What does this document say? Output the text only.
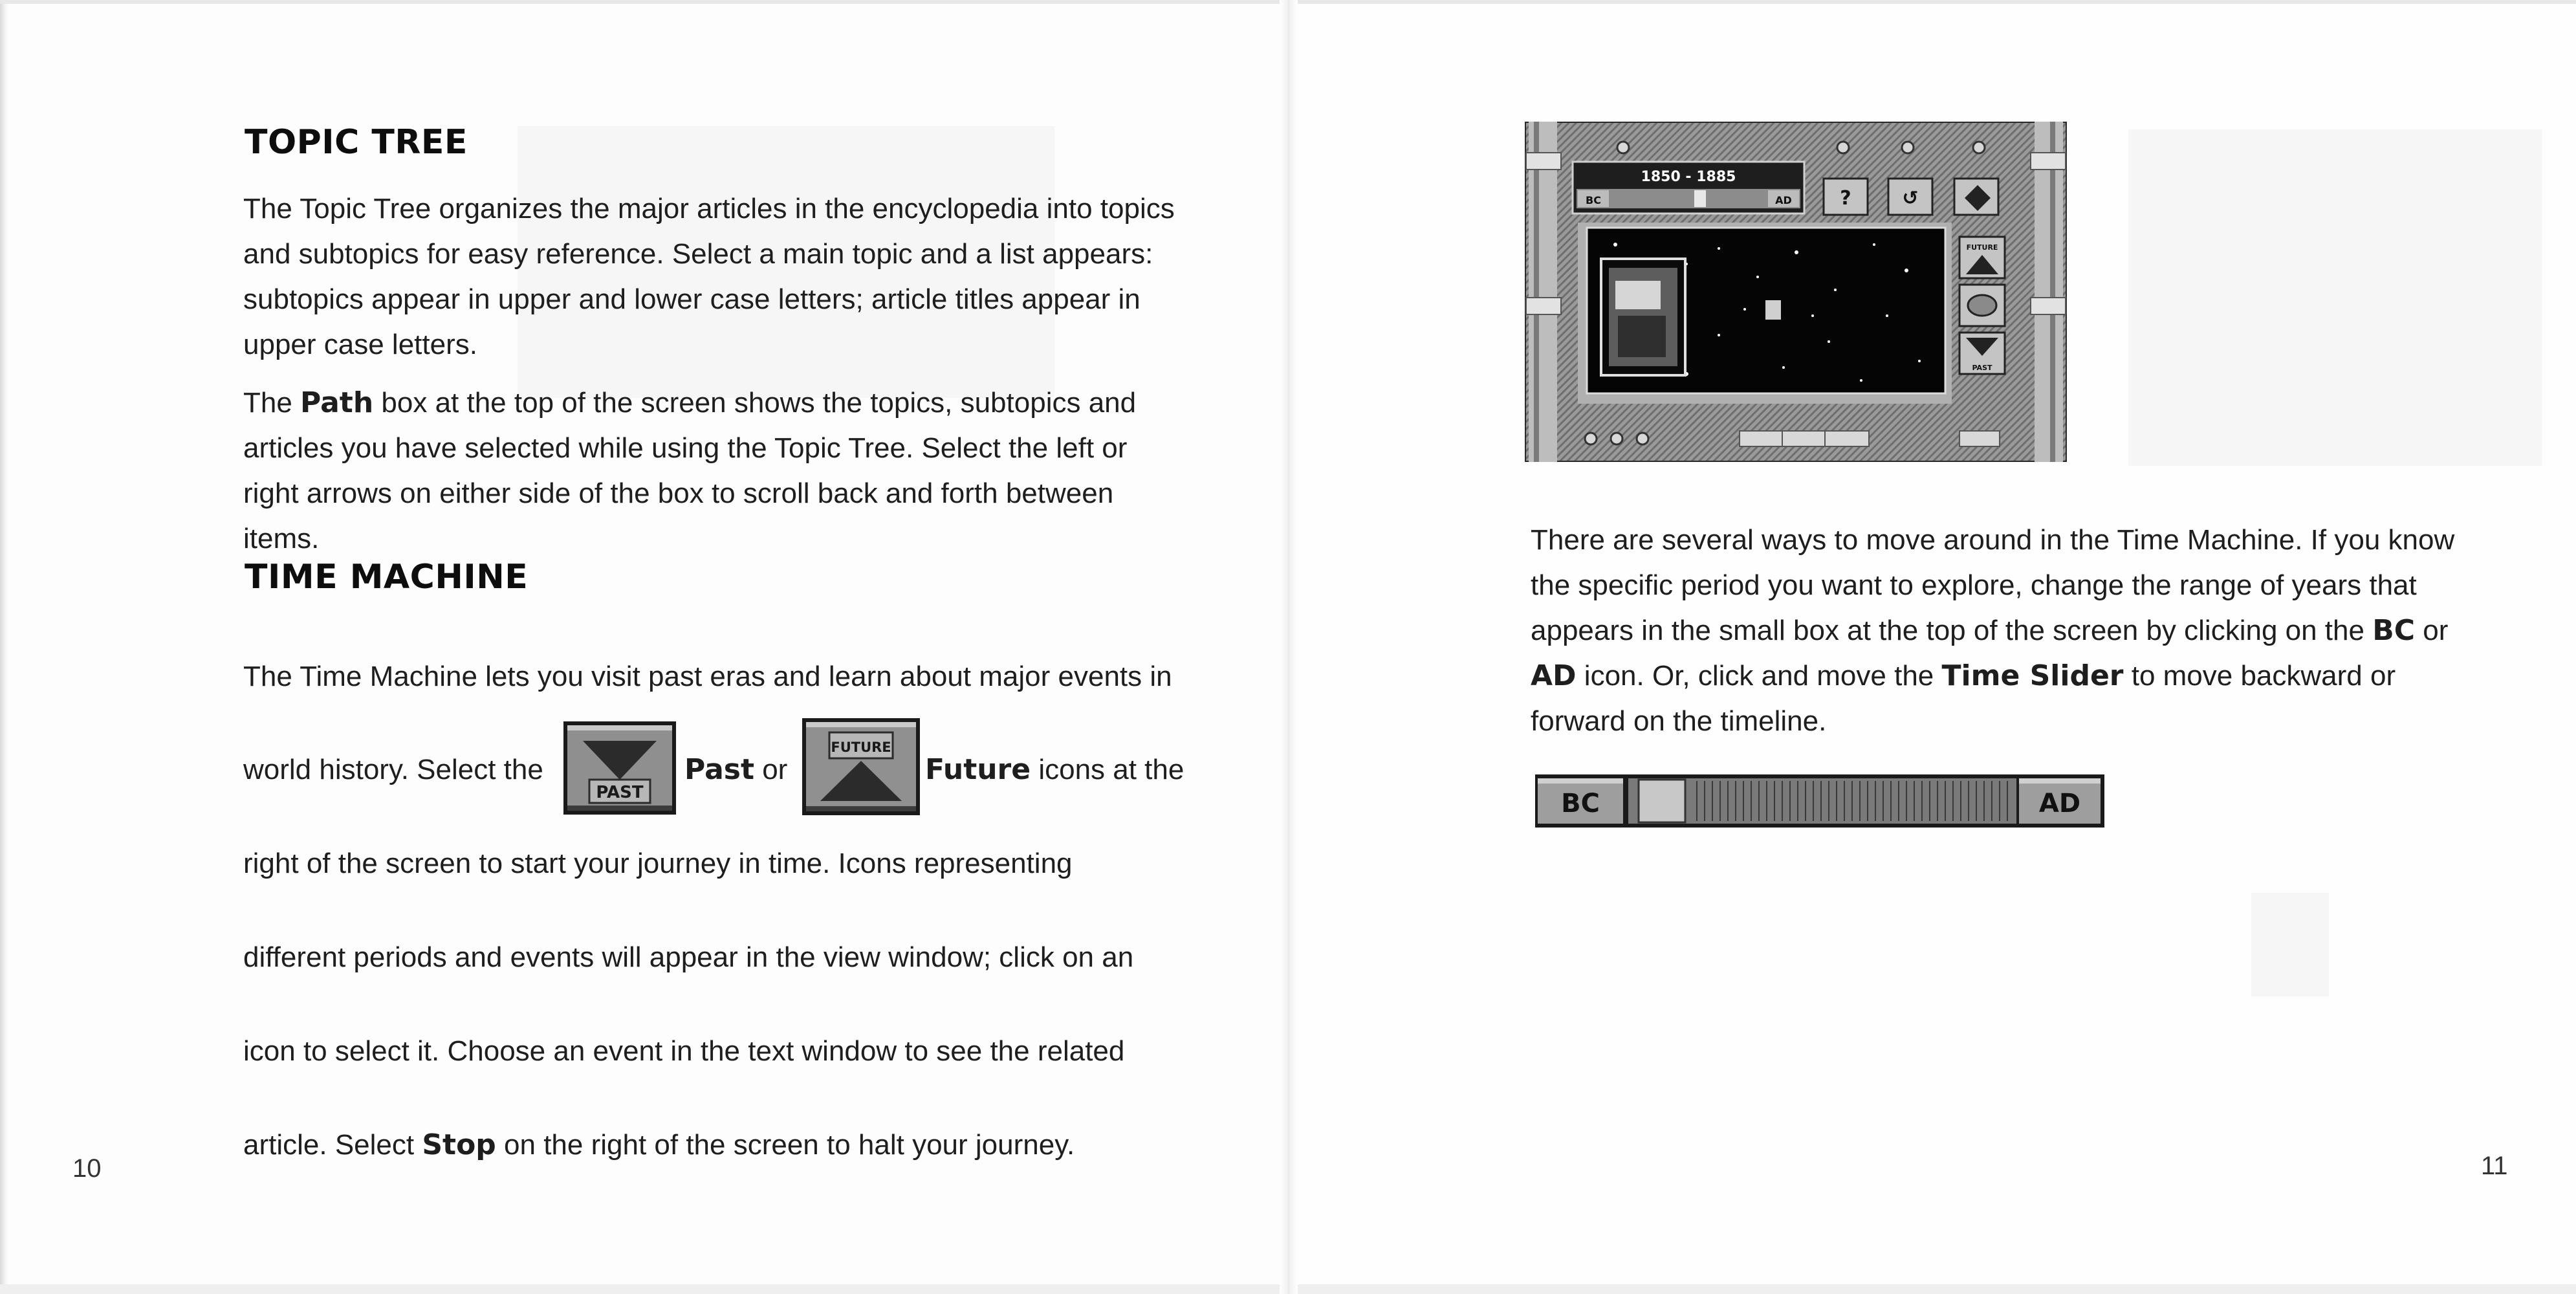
TOPIC TREE

The Topic Tree organizes the major articles in the encyclopedia into topics and subtopics for easy reference. Select a main topic and a list appears: subtopics appear in upper and lower case letters; article titles appear in upper case letters.

The Path box at the top of the screen shows the topics, subtopics and articles you have selected while using the Topic Tree. Select the left or right arrows on either side of the box to scroll back and forth between items.

TIME MACHINE
The Time Machine lets you visit past eras and learn about major events in
world history. Select the
PAST
Past or
FUTURE
Future icons at the
right of the screen to start your journey in time. Icons representing
different periods and events will appear in the view window; click on an
icon to select it. Choose an event in the text window to see the related
article. Select Stop on the right of the screen to halt your journey.
10
1850 - 1885
BC	AD ?	↺
FUTURE
PAST

There are several ways to move around in the Time Machine. If you know the specific period you want to explore, change the range of years that appears in the small box at the top of the screen by clicking on the BC or AD icon. Or, click and move the Time Slider to move backward or forward on the timeline.

BC	AD
11
